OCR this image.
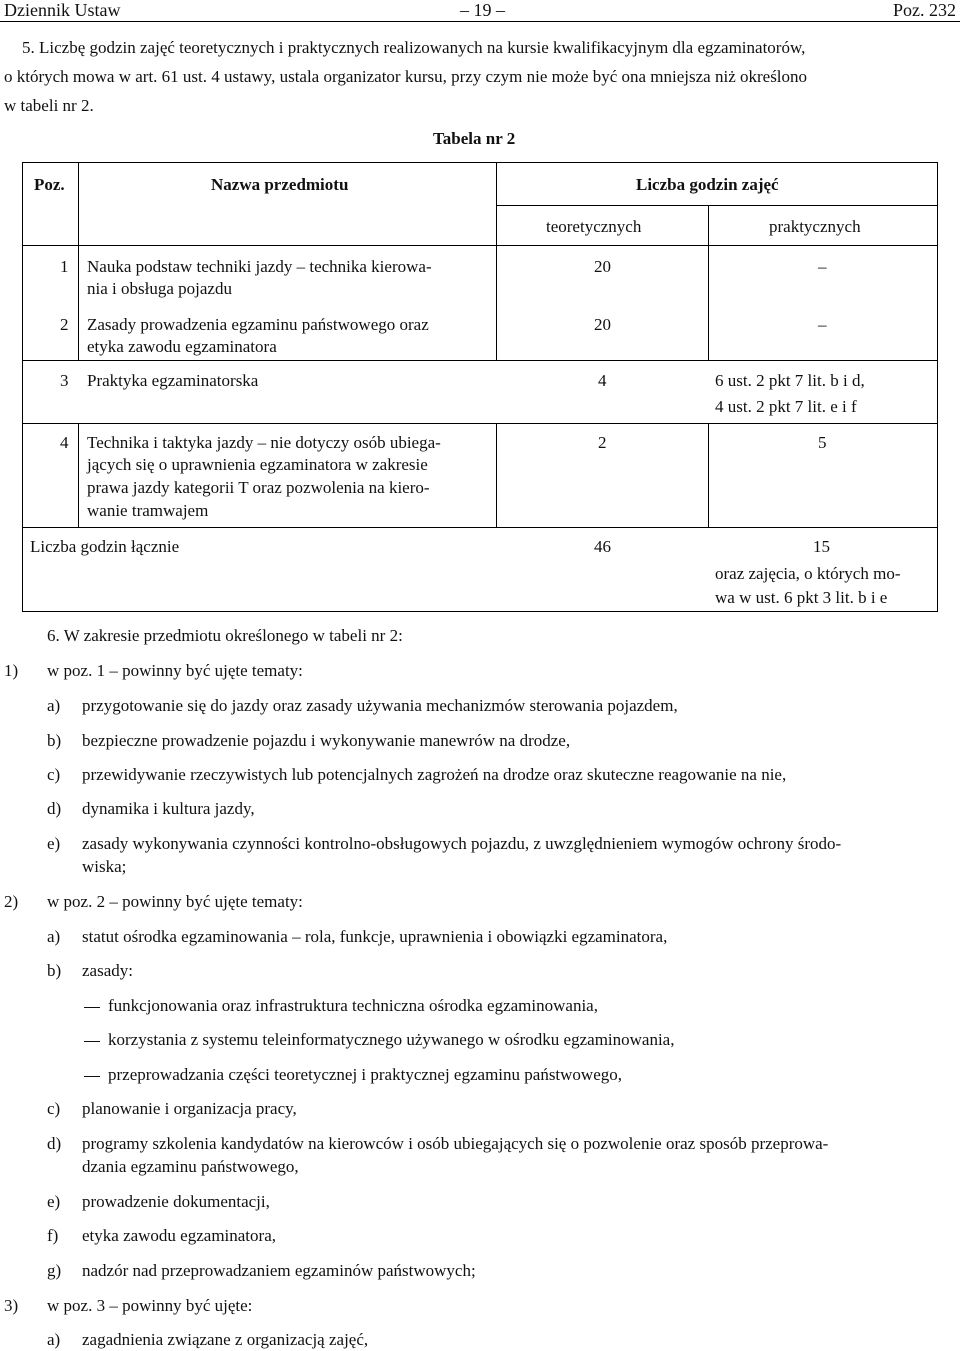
Dziennik Ustaw	– 19 –	Poz. 232
5. Liczbę godzin zajęć teoretycznych i praktycznych realizowanych na kursie kwalifikacyjnym dla egzaminatorów,
o których mowa w art. 61 ust. 4 ustawy, ustala organizator kursu, przy czym nie może być ona mniejsza niż określono
w tabeli nr 2.
Tabela nr 2
Poz.	Nazwa przedmiotu	Liczba godzin zajęć
teoretycznych	praktycznych
1 Nauka podstaw techniki jazdy – technika kierowa-
nia i obsługa pojazdu
20	–
2 Zasady prowadzenia egzaminu państwowego oraz
etyka zawodu egzaminatora
20	–
3 Praktyka egzaminatorska	4	6 ust. 2 pkt 7 lit. b i d,
4 ust. 2 pkt 7 lit. e i f
4 Technika i taktyka jazdy – nie dotyczy osób ubiega-
jących się o uprawnienia egzaminatora w zakresie
prawa jazdy kategorii T oraz pozwolenia na kiero-
wanie tramwajem
2	5
Liczba godzin łącznie	46	15
oraz zajęcia, o których mo-
wa w ust. 6 pkt 3 lit. b i e
6. W zakresie przedmiotu określonego w tabeli nr 2:
1) w poz. 1 – powinny być ujęte tematy:
a) przygotowanie się do jazdy oraz zasady używania mechanizmów sterowania pojazdem,
b) bezpieczne prowadzenie pojazdu i wykonywanie manewrów na drodze,
c) przewidywanie rzeczywistych lub potencjalnych zagrożeń na drodze oraz skuteczne reagowanie na nie,
d) dynamika i kultura jazdy,
e) zasady wykonywania czynności kontrolno-obsługowych pojazdu, z uwzględnieniem wymogów ochrony środo-
wiska;
2) w poz. 2 – powinny być ujęte tematy:
a) statut ośrodka egzaminowania – rola, funkcje, uprawnienia i obowiązki egzaminatora,
b) zasady:
funkcjonowania oraz infrastruktura techniczna ośrodka egzaminowania,
korzystania z systemu teleinformatycznego używanego w ośrodku egzaminowania,
przeprowadzania części teoretycznej i praktycznej egzaminu państwowego,
c) planowanie i organizacja pracy,
d) programy szkolenia kandydatów na kierowców i osób ubiegających się o pozwolenie oraz sposób przeprowa-
dzania egzaminu państwowego,
e) prowadzenie dokumentacji,
f) etyka zawodu egzaminatora,
g) nadzór nad przeprowadzaniem egzaminów państwowych;
3) w poz. 3 – powinny być ujęte:
a) zagadnienia związane z organizacją zajęć,
